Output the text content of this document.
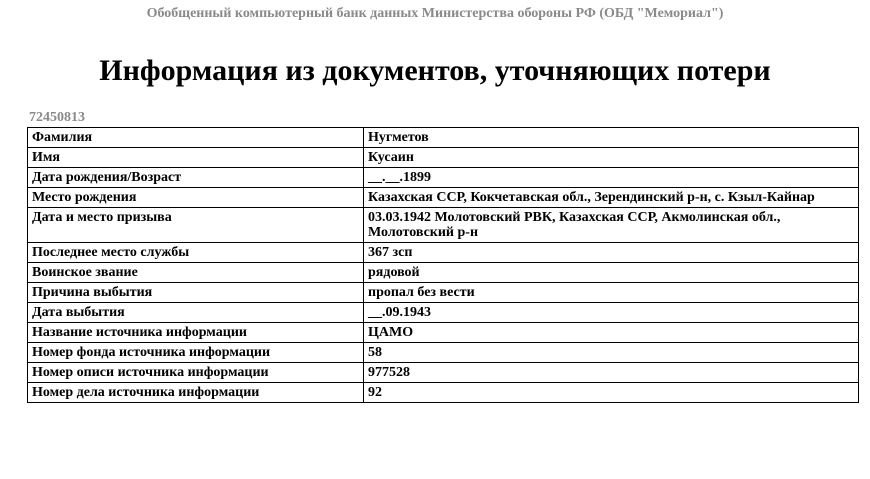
Обобщенный компьютерный банк данных Министерства обороны РФ (ОБД "Мемориал")
Информация из документов, уточняющих потери
72450813
Фамилия	Нугметов
Имя	Кусаин
Дата рождения/Возраст	__.__.1899
Место рождения	Казахская ССР, Кокчетавская обл., Зерендинский р-н, с. Кзыл-Кайнар
Дата и место призыва	03.03.1942 Молотовский РВК, Казахская ССР, Акмолинская обл., Молотовский р-н
Последнее место службы	367 зсп
Воинское звание	рядовой
Причина выбытия	пропал без вести
Дата выбытия	__.09.1943
Название источника информации	ЦАМО
Номер фонда источника информации	58
Номер описи источника информации	977528
Номер дела источника информации	92
